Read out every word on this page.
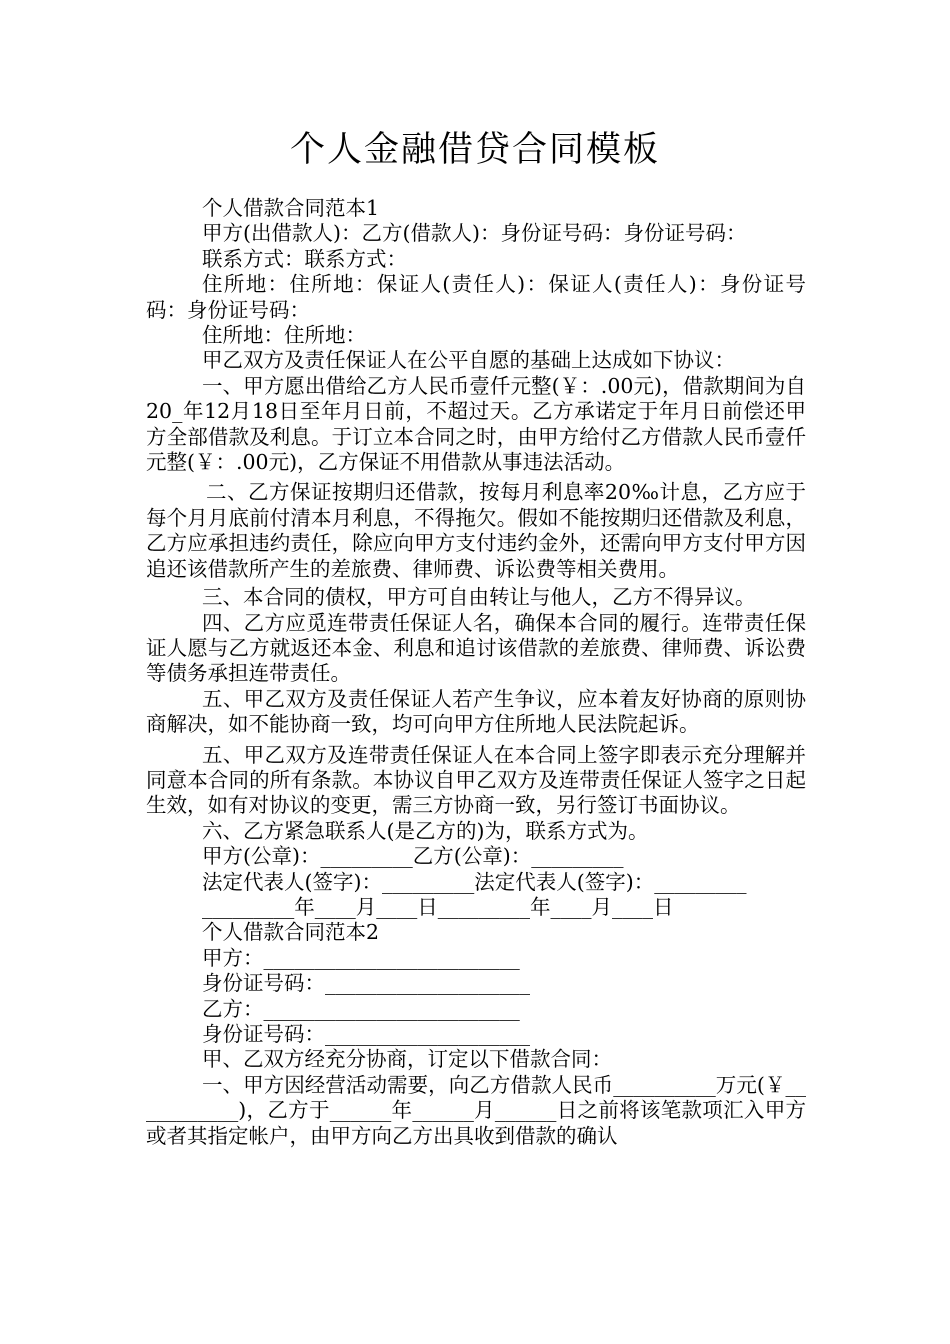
个人金融借贷合同模板

个人借款合同范本1

甲方(出借款人)：乙方(借款人)：身份证号码：身份证号码：

联系方式：联系方式：

住所地：住所地：保证人(责任人)：保证人(责任人)：身份证号码：身份证号码：

住所地：住所地：

甲乙双方及责任保证人在公平自愿的基础上达成如下协议：

一、甲方愿出借给乙方人民币壹仟元整(￥：.00元)，借款期间为自20_年12月18日至年月日前，不超过天。乙方承诺定于年月日前偿还甲方全部借款及利息。于订立本合同之时，由甲方给付乙方借款人民币壹仟元整(￥：.00元)，乙方保证不用借款从事违法活动。

二、乙方保证按期归还借款，按每月利息率20‰计息，乙方应于每个月月底前付清本月利息，不得拖欠。假如不能按期归还借款及利息，乙方应承担违约责任，除应向甲方支付违约金外，还需向甲方支付甲方因追还该借款所产生的差旅费、律师费、诉讼费等相关费用。

三、本合同的债权，甲方可自由转让与他人，乙方不得异议。

四、乙方应觅连带责任保证人名，确保本合同的履行。连带责任保证人愿与乙方就返还本金、利息和追讨该借款的差旅费、律师费、诉讼费等债务承担连带责任。

五、甲乙双方及责任保证人若产生争议，应本着友好协商的原则协商解决，如不能协商一致，均可向甲方住所地人民法院起诉。

五、甲乙双方及连带责任保证人在本合同上签字即表示充分理解并同意本合同的所有条款。本协议自甲乙双方及连带责任保证人签字之日起生效，如有对协议的变更，需三方协商一致，另行签订书面协议。

六、乙方紧急联系人(是乙方的)为，联系方式为。

甲方(公章)：_________乙方(公章)：_________

法定代表人(签字)：_________法定代表人(签字)：_________

_________年____月____日_________年____月____日

个人借款合同范本2

甲方：_________________________

身份证号码：____________________

乙方：_________________________

身份证号码：____________________

甲、乙双方经充分协商，订定以下借款合同：

一、甲方因经营活动需要，向乙方借款人民币__________万元(￥___________)，乙方于______年______月______日之前将该笔款项汇入甲方或者其指定帐户，由甲方向乙方出具收到借款的确认
